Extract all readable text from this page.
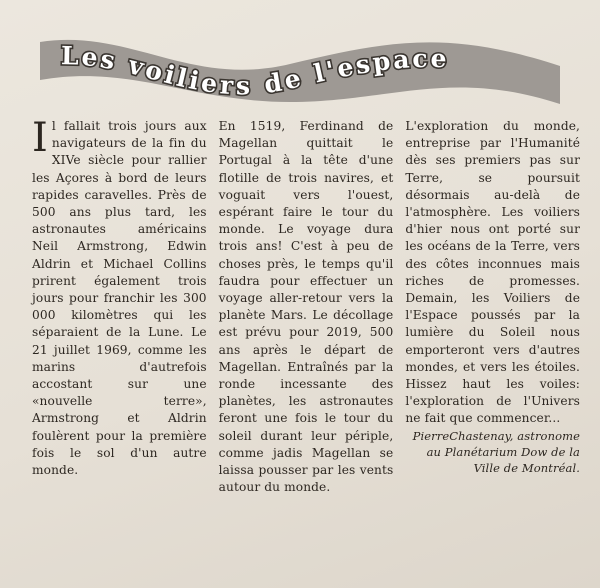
Les voiliers de l'espace

Il fallait trois jours aux navigateurs de la fin du XIVe siècle pour rallier les Açores à bord de leurs rapides caravelles. Près de 500 ans plus tard, les astronautes américains Neil Armstrong, Edwin Aldrin et Michael Collins prirent également trois jours pour franchir les 300 000 kilomètres qui les séparaient de la Lune. Le 21 juillet 1969, comme les marins d'autrefois accostant sur une «nouvelle terre», Armstrong et Aldrin foulèrent pour la première fois le sol d'un autre monde.

En 1519, Ferdinand de Magellan quittait le Portugal à la tête d'une flotille de trois navires, et voguait vers l'ouest, espérant faire le tour du monde. Le voyage dura trois ans! C'est à peu de choses près, le temps qu'il faudra pour effectuer un voyage aller-retour vers la planète Mars. Le décollage est prévu pour 2019, 500 ans après le départ de Magellan. Entraînés par la ronde incessante des planètes, les astronautes feront une fois le tour du soleil durant leur périple, comme jadis Magellan se laissa pousser par les vents autour du monde.

L'exploration du monde, entreprise par l'Humanité dès ses premiers pas sur Terre, se poursuit désormais au-delà de l'atmosphère. Les voiliers d'hier nous ont porté sur les océans de la Terre, vers des côtes inconnues mais riches de promesses. Demain, les Voiliers de l'Espace poussés par la lumière du Soleil nous emporteront vers d'autres mondes, et vers les étoiles. Hissez haut les voiles: l'exploration de l'Univers ne fait que commencer...

PierreChastenay, astronome au Planétarium Dow de la Ville de Montréal.
